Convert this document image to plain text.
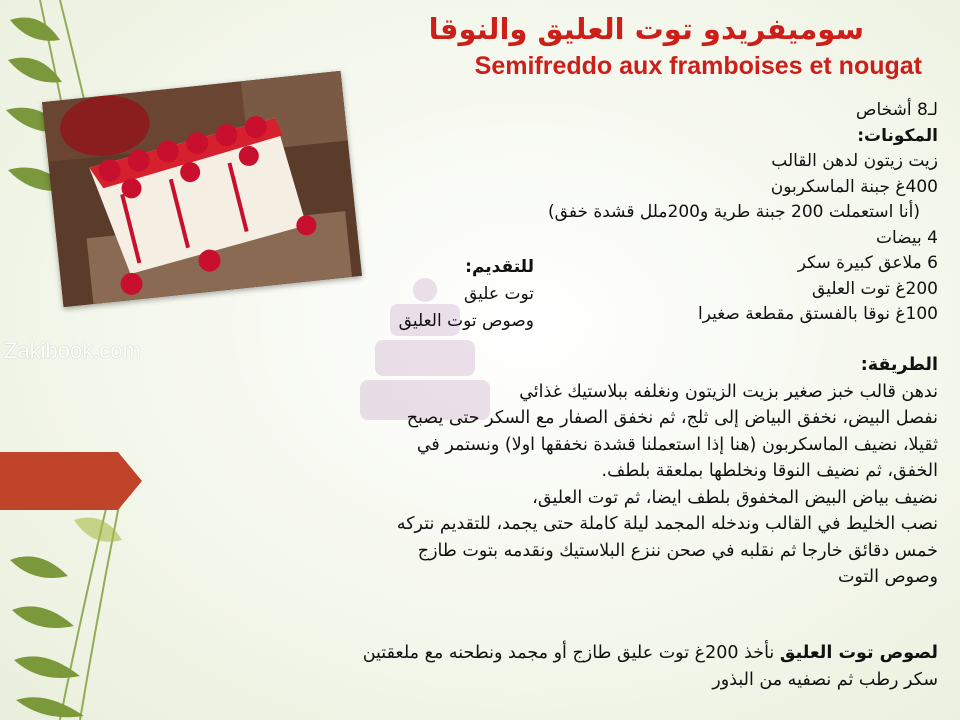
Zakibook.com
سوميفريدو توت العليق والنوقا
Semifreddo aux framboises et nougat
لـ8 أشخاص
المكونات:
زيت زيتون لدهن القالب
400غ جبنة الماسكربون
(أنا استعملت 200 جبنة طرية و200ملل قشدة خفق)
4 بيضات
6 ملاعق كبيرة سكر
200غ توت العليق
100غ نوقا بالفستق مقطعة صغيرا
للتقديم:
توت عليق
وصوص توت العليق
الطريقة:
ندهن قالب خبز صغير بزيت الزيتون ونغلفه ببلاستيك غذائي
نفصل البيض، نخفق البياض إلى ثلج، ثم نخفق الصفار مع السكر حتى يصبح
ثقيلا، نضيف الماسكربون (هنا إذا استعملنا قشدة نخفقها اولا) ونستمر في
الخفق، ثم نضيف النوقا ونخلطها بملعقة بلطف.
نضيف بياض البيض المخفوق بلطف ايضا، ثم توت العليق،
نصب الخليط في القالب وندخله المجمد ليلة كاملة حتى يجمد، للتقديم نتركه
خمس دقائق خارجا ثم نقلبه في صحن ننزع البلاستيك ونقدمه بتوت طازج
وصوص التوت
لصوص توت العليق نأخذ 200غ توت عليق طازج أو مجمد ونطحنه مع ملعقتين
سكر رطب ثم نصفيه من البذور
